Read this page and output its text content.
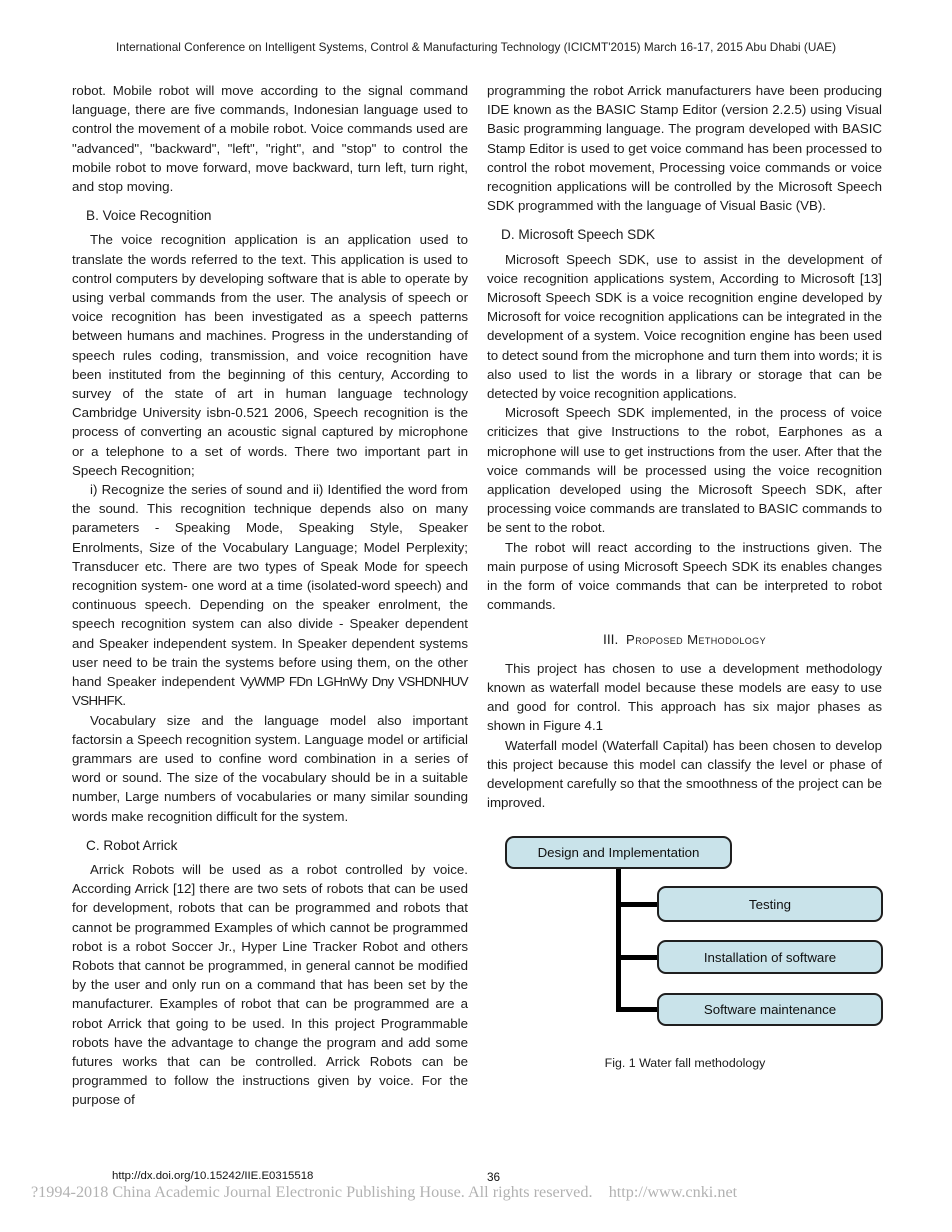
International Conference on Intelligent Systems, Control & Manufacturing Technology (ICICMT'2015) March 16-17, 2015 Abu Dhabi (UAE)

robot. Mobile robot will move according to the signal command language, there are five commands, Indonesian language used to control the movement of a mobile robot. Voice commands used are "advanced", "backward", "left", "right", and "stop" to control the mobile robot to move forward, move backward, turn left, turn right, and stop moving.

B. Voice Recognition

The voice recognition application is an application used to translate the words referred to the text. This application is used to control computers by developing software that is able to operate by using verbal commands from the user. The analysis of speech or voice recognition has been investigated as a speech patterns between humans and machines. Progress in the understanding of speech rules coding, transmission, and voice recognition have been instituted from the beginning of this century, According to survey of the state of art in human language technology Cambridge University isbn-0.521 2006, Speech recognition is the process of converting an acoustic signal captured by microphone or a telephone to a set of words. There two important part in Speech Recognition;

i) Recognize the series of sound and ii) Identified the word from the sound. This recognition technique depends also on many parameters - Speaking Mode, Speaking Style, Speaker Enrolments, Size of the Vocabulary Language; Model Perplexity; Transducer etc. There are two types of Speak Mode for speech recognition system- one word at a time (isolated-word speech) and continuous speech. Depending on the speaker enrolment, the speech recognition system can also divide - Speaker dependent and Speaker independent system. In Speaker dependent systems user need to be train the systems before using them, on the other hand Speaker independent VyWMP FDn LGHnWy Dny VSHDNHUV VSHHFK.

Vocabulary size and the language model also important factorsin a Speech recognition system. Language model or artificial grammars are used to confine word combination in a series of word or sound. The size of the vocabulary should be in a suitable number, Large numbers of vocabularies or many similar sounding words make recognition difficult for the system.

C. Robot Arrick

Arrick Robots will be used as a robot controlled by voice. According Arrick [12] there are two sets of robots that can be used for development, robots that can be programmed and robots that cannot be programmed Examples of which cannot be programmed robot is a robot Soccer Jr., Hyper Line Tracker Robot and others Robots that cannot be programmed, in general cannot be modified by the user and only run on a command that has been set by the manufacturer. Examples of robot that can be programmed are a robot Arrick that going to be used. In this project Programmable robots have the advantage to change the program and add some futures works that can be controlled. Arrick Robots can be programmed to follow the instructions given by voice. For the purpose of

programming the robot Arrick manufacturers have been producing IDE known as the BASIC Stamp Editor (version 2.2.5) using Visual Basic programming language. The program developed with BASIC Stamp Editor is used to get voice command has been processed to control the robot movement, Processing voice commands or voice recognition applications will be controlled by the Microsoft Speech SDK programmed with the language of Visual Basic (VB).

D. Microsoft Speech SDK

Microsoft Speech SDK, use to assist in the development of voice recognition applications system, According to Microsoft [13] Microsoft Speech SDK is a voice recognition engine developed by Microsoft for voice recognition applications can be integrated in the development of a system. Voice recognition engine has been used to detect sound from the microphone and turn them into words; it is also used to list the words in a library or storage that can be detected by voice recognition applications.

Microsoft Speech SDK implemented, in the process of voice criticizes that give Instructions to the robot, Earphones as a microphone will use to get instructions from the user. After that the voice commands will be processed using the voice recognition application developed using the Microsoft Speech SDK, after processing voice commands are translated to BASIC commands to be sent to the robot.

The robot will react according to the instructions given. The main purpose of using Microsoft Speech SDK its enables changes in the form of voice commands that can be interpreted to robot commands.

III. Proposed Methodology

This project has chosen to use a development methodology known as waterfall model because these models are easy to use and good for control. This approach has six major phases as shown in Figure 4.1

Waterfall model (Waterfall Capital) has been chosen to develop this project because this model can classify the level or phase of development carefully so that the smoothness of the project can be improved.

Design and Implementation
Testing
Installation of software
Software maintenance
Fig. 1 Water fall methodology
http://dx.doi.org/10.15242/IIE.E0315518	36
?1994-2018 China Academic Journal Electronic Publishing House. All rights reserved.    http://www.cnki.net
